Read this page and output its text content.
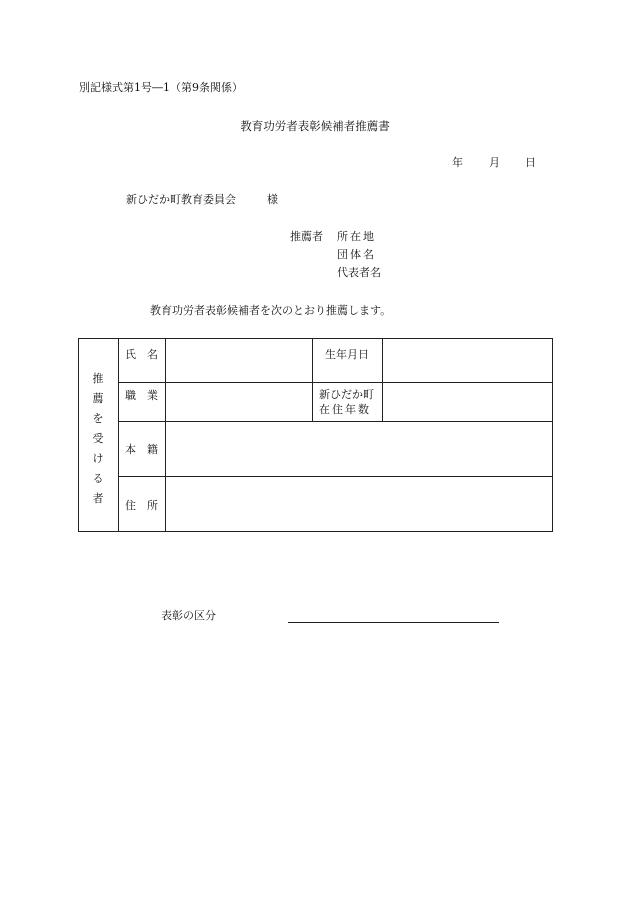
別記様式第1号―1（第9条関係）
教育功労者表彰候補者推薦書
年 月 日
新ひだか町教育委員会	様
推薦者 所在地
団体名
代表者名
教育功労者表彰候補者を次のとおり推薦します。
推薦を受ける者
氏　名	生年月日
職　業	新ひだか町
在住年数
本　籍
住　所
表彰の区分
